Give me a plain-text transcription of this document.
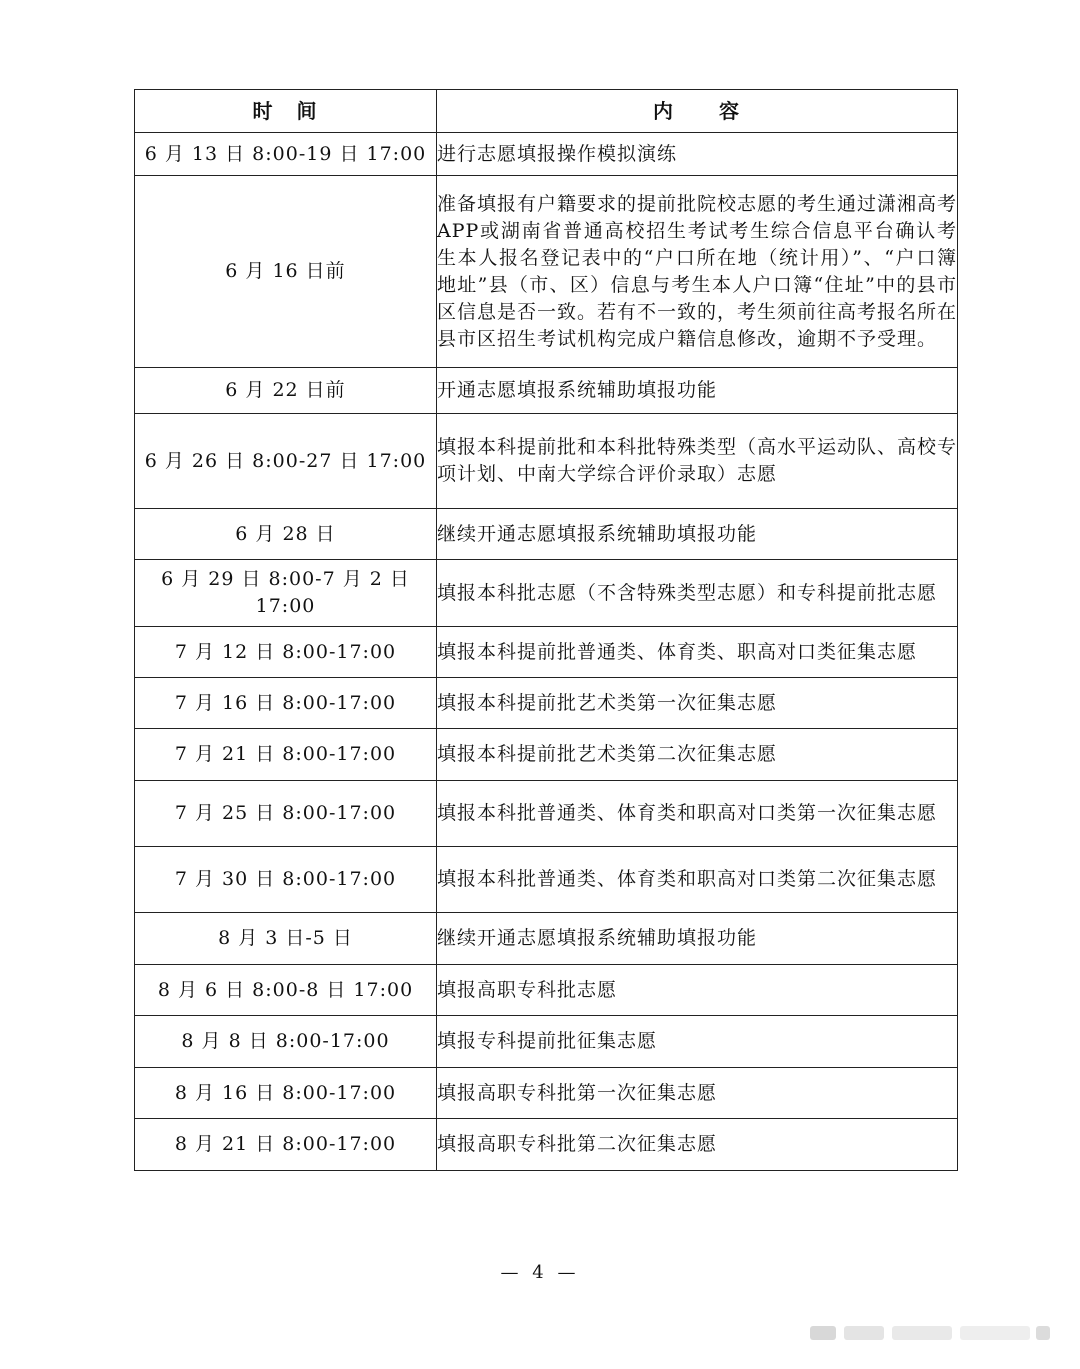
时　间	内　　容
6 月 13 日 8:00-19 日 17:00	进行志愿填报操作模拟演练
6 月 16 日前	准备填报有户籍要求的提前批院校志愿的考生通过潇湘高考APP或湖南省普通高校招生考试考生综合信息平台确认考生本人报名登记表中的“户口所在地（统计用）”、“户口簿地址”县（市、区）信息与考生本人户口簿“住址”中的县市区信息是否一致。若有不一致的，考生须前往高考报名所在县市区招生考试机构完成户籍信息修改，逾期不予受理。
6 月 22 日前	开通志愿填报系统辅助填报功能
6 月 26 日 8:00-27 日 17:00	填报本科提前批和本科批特殊类型（高水平运动队、高校专项计划、中南大学综合评价录取）志愿
6 月 28 日	继续开通志愿填报系统辅助填报功能
6 月 29 日 8:00-7 月 2 日 17:00	填报本科批志愿（不含特殊类型志愿）和专科提前批志愿
7 月 12 日 8:00-17:00	填报本科提前批普通类、体育类、职高对口类征集志愿
7 月 16 日 8:00-17:00	填报本科提前批艺术类第一次征集志愿
7 月 21 日 8:00-17:00	填报本科提前批艺术类第二次征集志愿
7 月 25 日 8:00-17:00	填报本科批普通类、体育类和职高对口类第一次征集志愿
7 月 30 日 8:00-17:00	填报本科批普通类、体育类和职高对口类第二次征集志愿
8 月 3 日-5 日	继续开通志愿填报系统辅助填报功能
8 月 6 日 8:00-8 日 17:00	填报高职专科批志愿
8 月 8 日 8:00-17:00	填报专科提前批征集志愿
8 月 16 日 8:00-17:00	填报高职专科批第一次征集志愿
8 月 21 日 8:00-17:00	填报高职专科批第二次征集志愿
— 4 —
